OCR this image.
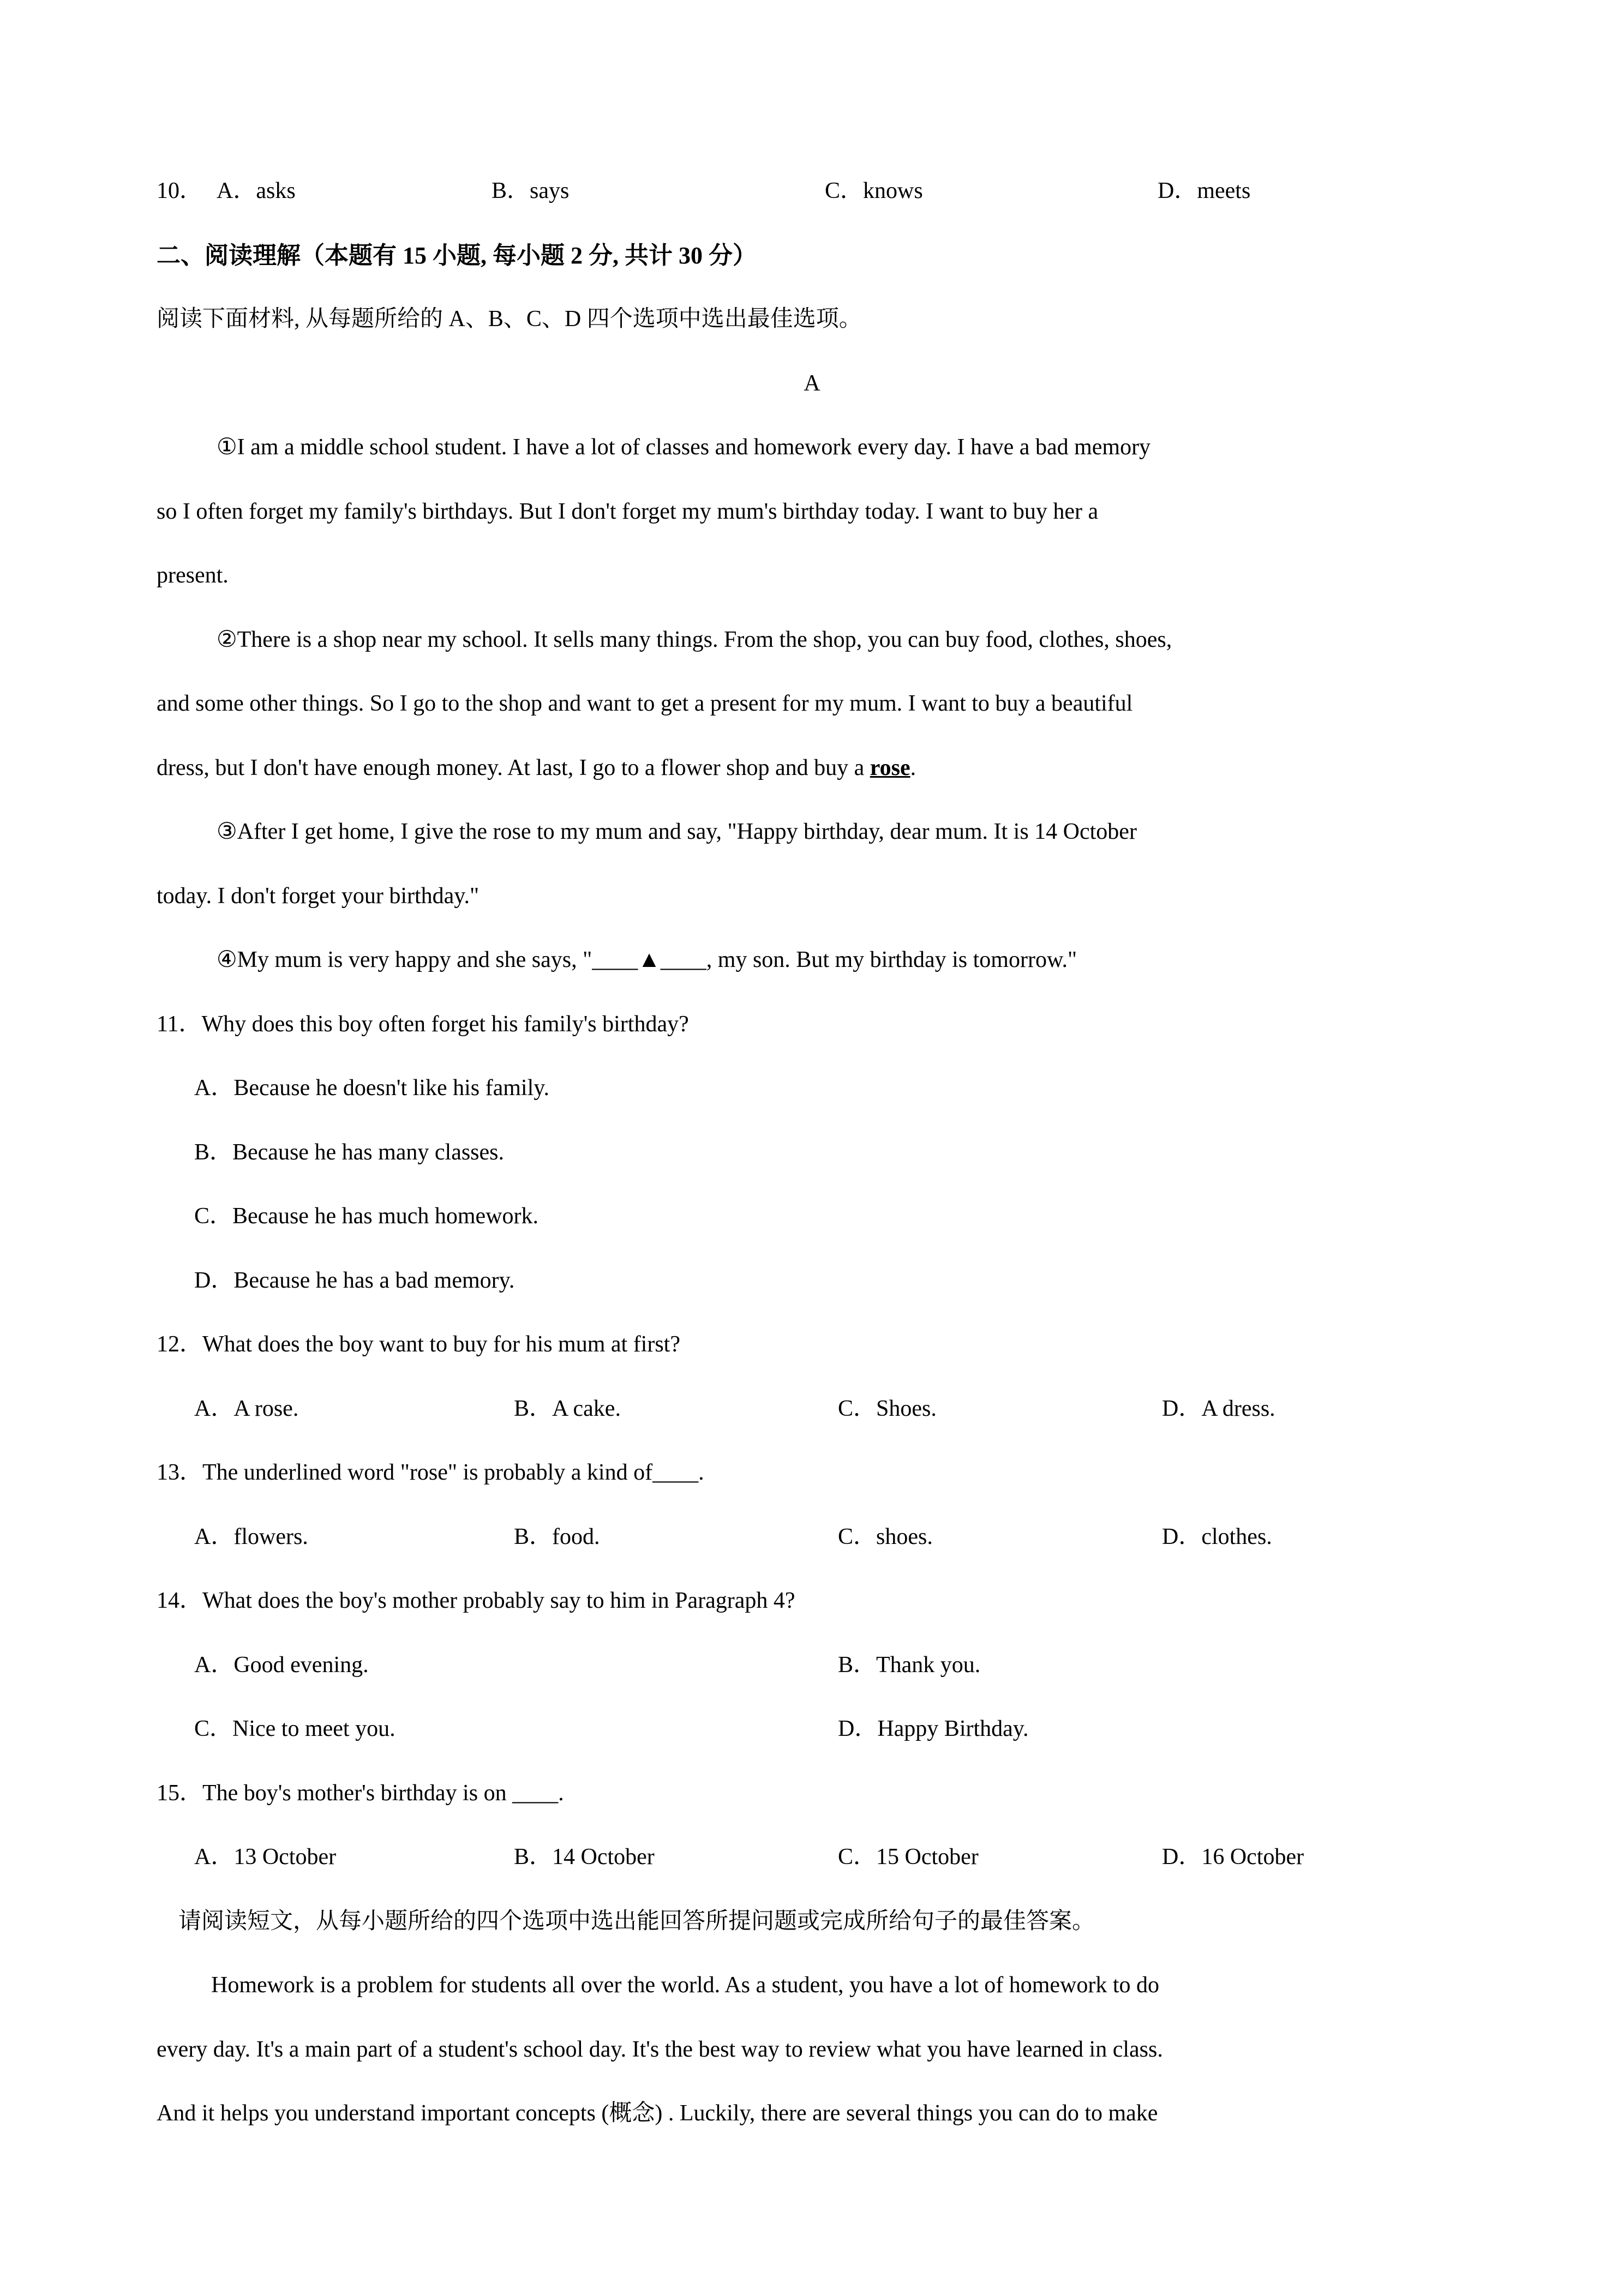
10． A．asks	B．says	C．knows	D．meets
二、阅读理解（本题有 15 小题, 每小题 2 分, 共计 30 分）
阅读下面材料, 从每题所给的 A、B、C、D 四个选项中选出最佳选项。
A
①I am a middle school student. I have a lot of classes and homework every day. I have a bad memory
so I often forget my family's birthdays. But I don't forget my mum's birthday today. I want to buy her a
present.
②There is a shop near my school. It sells many things. From the shop, you can buy food, clothes, shoes,
and some other things. So I go to the shop and want to get a present for my mum. I want to buy a beautiful
dress, but I don't have enough money. At last, I go to a flower shop and buy a rose.
③After I get home, I give the rose to my mum and say, "Happy birthday, dear mum. It is 14 October
today. I don't forget your birthday."
④My mum is very happy and she says, "____▲____, my son. But my birthday is tomorrow."
11．Why does this boy often forget his family's birthday?
A．Because he doesn't like his family.
B．Because he has many classes.
C．Because he has much homework.
D．Because he has a bad memory.
12．What does the boy want to buy for his mum at first?
A．A rose.	B．A cake.	C．Shoes.	D．A dress.
13．The underlined word "rose" is probably a kind of____.
A．flowers.	B．food.	C．shoes.	D．clothes.
14．What does the boy's mother probably say to him in Paragraph 4?
A．Good evening.	B．Thank you.
C．Nice to meet you.	D．Happy Birthday.
15．The boy's mother's birthday is on ____.
A．13 October	B．14 October	C．15 October	D．16 October
请阅读短文，从每小题所给的四个选项中选出能回答所提问题或完成所给句子的最佳答案。
Homework is a problem for students all over the world. As a student, you have a lot of homework to do
every day. It's a main part of a student's school day. It's the best way to review what you have learned in class.
And it helps you understand important concepts (概念) . Luckily, there are several things you can do to make
